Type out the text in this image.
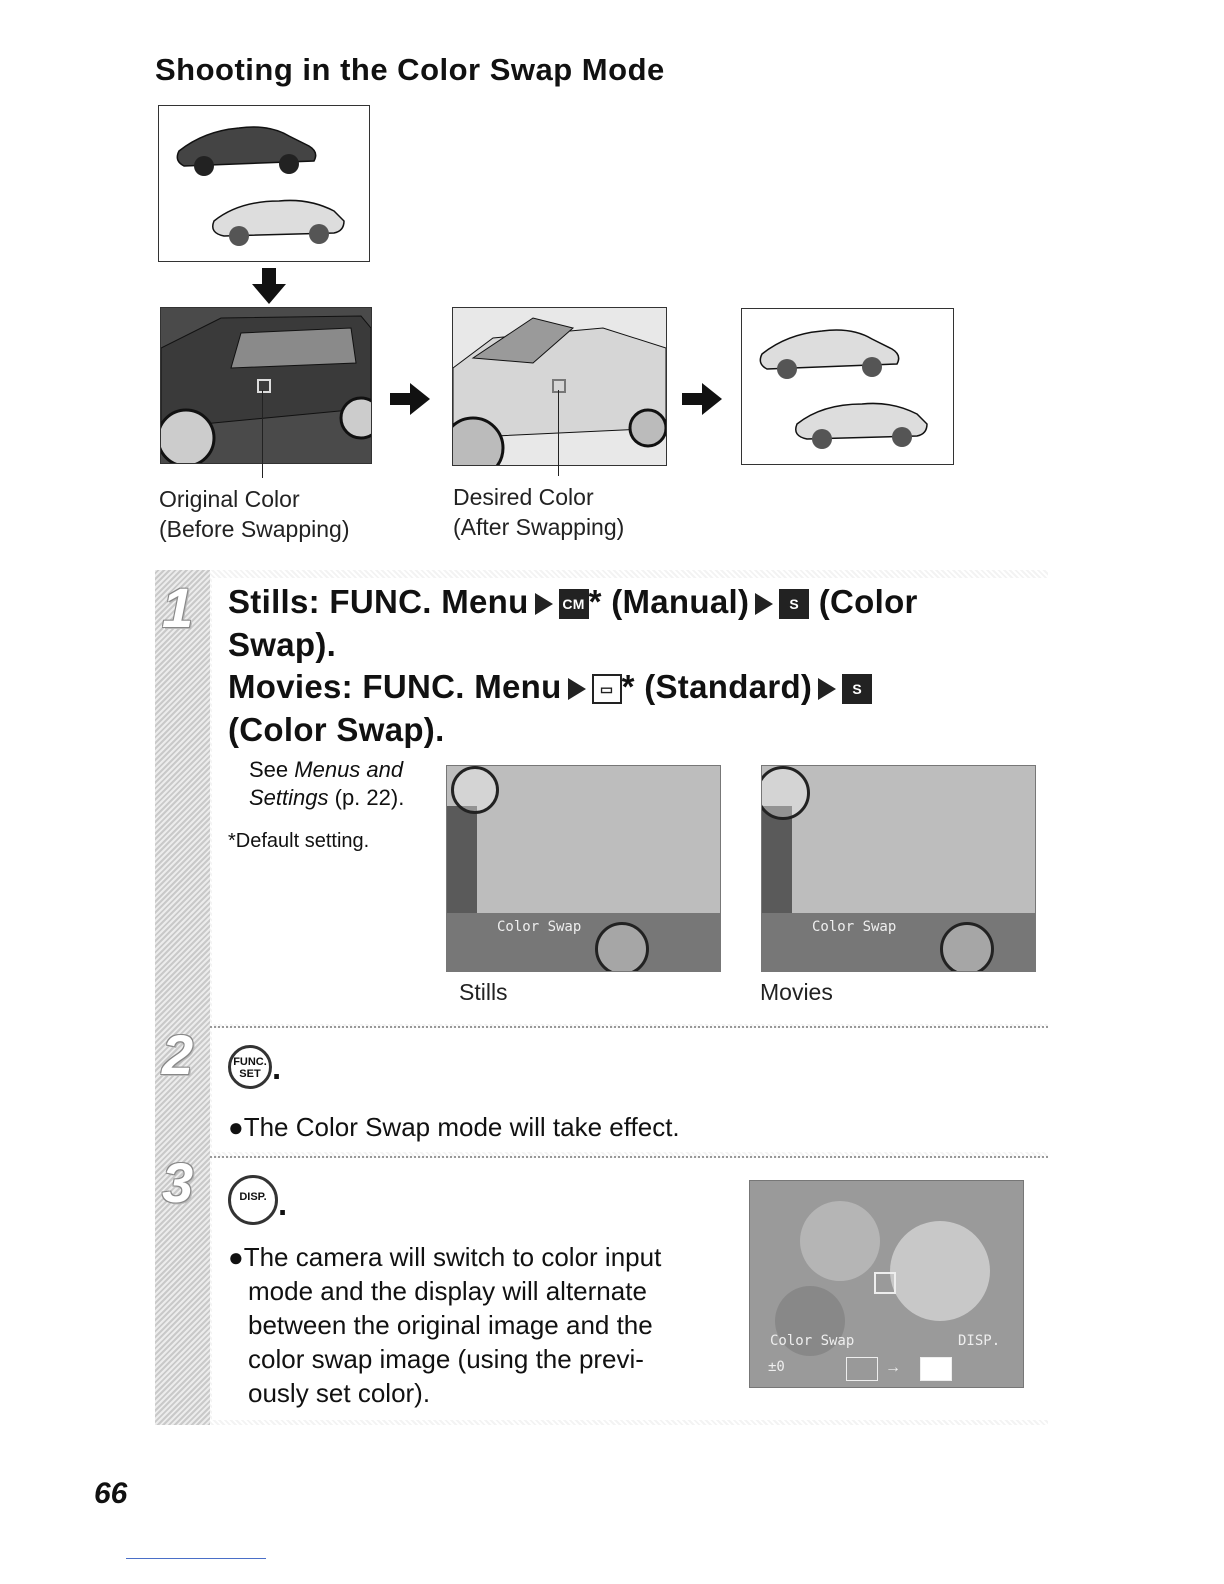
Shooting in the Color Swap Mode
Original Color
(Before Swapping)
Desired Color
(After Swapping)
1
2
3
Stills: FUNC. Menu CM * (Manual)	S (Color
Swap).
Movies: FUNC. Menu	▭ * (Standard)	S
(Color Swap).
See Menus and
Settings (p. 22).
*Default setting.
Color Swap
Stills
Color Swap
Movies
FUNC. SET .
●The Color Swap mode will take effect.
DISP. .
●The camera will switch to color input
mode and the display will alternate
between the original image and the
color swap image (using the previ-
ously set color).
Color Swap	DISP.
±0	→
66
